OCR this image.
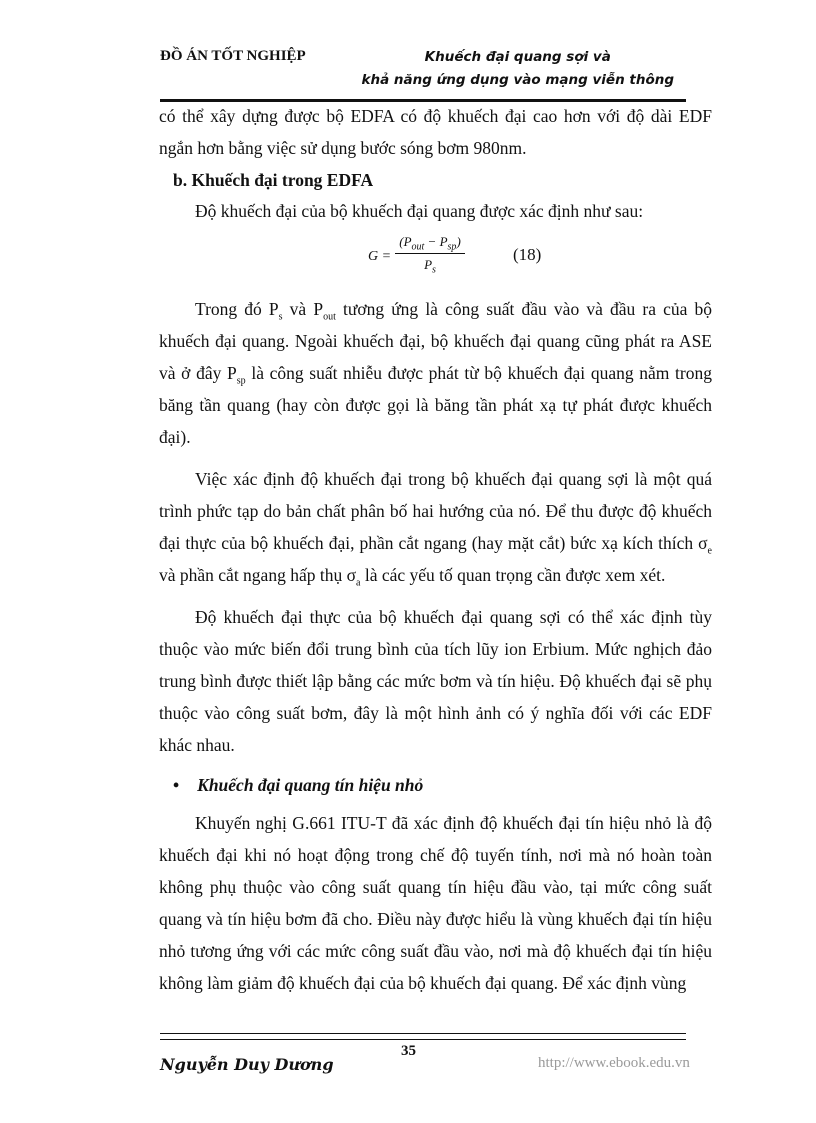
ĐỒ ÁN TỐT NGHIỆP	Khuếch đại quang sợi và
khả năng ứng dụng vào mạng viễn thông

có thể xây dựng được bộ EDFA có độ khuếch đại cao hơn với độ dài EDF ngắn hơn bằng việc sử dụng bước sóng bơm 980nm.

b. Khuếch đại trong EDFA

Độ khuếch đại của bộ khuếch đại quang được xác định như sau:

G =
$(P_{out} - P_{sp})$
$P_s$
(18)

Trong đó $P_s$ và $P_{out}$ tương ứng là công suất đầu vào và đầu ra của bộ khuếch đại quang. Ngoài khuếch đại, bộ khuếch đại quang cũng phát ra ASE và ở đây $P_{sp}$ là công suất nhiễu được phát từ bộ khuếch đại quang nằm trong băng tần quang (hay còn được gọi là băng tần phát xạ tự phát được khuếch đại).

Việc xác định độ khuếch đại trong bộ khuếch đại quang sợi là một quá trình phức tạp do bản chất phân bố hai hướng của nó. Để thu được độ khuếch đại thực của bộ khuếch đại, phần cắt ngang (hay mặt cắt) bức xạ kích thích $\sigma_e$ và phần cắt ngang hấp thụ $\sigma_a$ là các yếu tố quan trọng cần được xem xét.

Độ khuếch đại thực của bộ khuếch đại quang sợi có thể xác định tùy thuộc vào mức biến đổi trung bình của tích lũy ion Erbium. Mức nghịch đảo trung bình được thiết lập bằng các mức bơm và tín hiệu. Độ khuếch đại sẽ phụ thuộc vào công suất bơm, đây là một hình ảnh có ý nghĩa đối với các EDF khác nhau.

• Khuếch đại quang tín hiệu nhỏ

Khuyến nghị G.661 ITU-T đã xác định độ khuếch đại tín hiệu nhỏ là độ khuếch đại khi nó hoạt động trong chế độ tuyến tính, nơi mà nó hoàn toàn không phụ thuộc vào công suất quang tín hiệu đầu vào, tại mức công suất quang và tín hiệu bơm đã cho. Điều này được hiểu là vùng khuếch đại tín hiệu nhỏ tương ứng với các mức công suất đầu vào, nơi mà độ khuếch đại tín hiệu không làm giảm độ khuếch đại của bộ khuếch đại quang. Để xác định vùng

Nguyễn Duy Dương
35
http://www.ebook.edu.vn
